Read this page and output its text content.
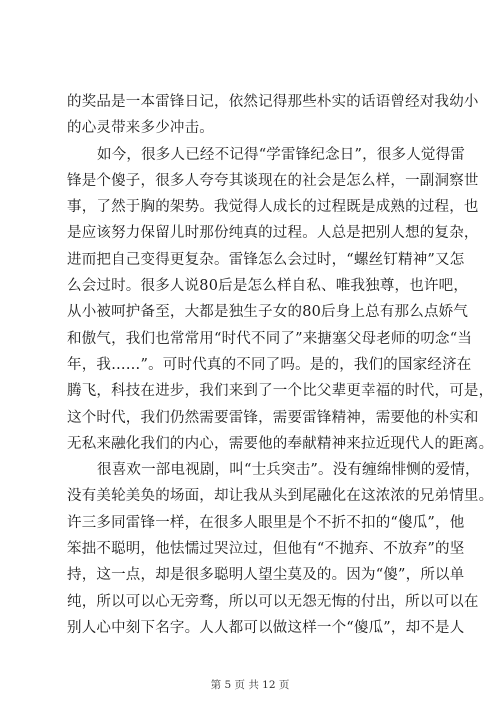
的奖品是一本雷锋日记，依然记得那些朴实的话语曾经对我幼小
的心灵带来多少冲击。
如今，很多人已经不记得“学雷锋纪念日”，很多人觉得雷
锋是个傻子，很多人夸夸其谈现在的社会是怎么样，一副洞察世
事，了然于胸的架势。我觉得人成长的过程既是成熟的过程，也
是应该努力保留儿时那份纯真的过程。人总是把别人想的复杂，
进而把自己变得更复杂。雷锋怎么会过时，“螺丝钉精神”又怎
么会过时。很多人说80后是怎么样自私、唯我独尊，也许吧，
从小被呵护备至，大都是独生子女的80后身上总有那么点娇气
和傲气，我们也常常用“时代不同了”来搪塞父母老师的叨念“当
年，我……”。可时代真的不同了吗。是的，我们的国家经济在
腾飞，科技在进步，我们来到了一个比父辈更幸福的时代，可是，
这个时代，我们仍然需要雷锋，需要雷锋精神，需要他的朴实和
无私来融化我们的内心，需要他的奉献精神来拉近现代人的距离。
很喜欢一部电视剧，叫“士兵突击”。没有缠绵悱恻的爱情，
没有美轮美奂的场面，却让我从头到尾融化在这浓浓的兄弟情里。
许三多同雷锋一样，在很多人眼里是个不折不扣的“傻瓜”，他
笨拙不聪明，他怯懦过哭泣过，但他有“不抛弃、不放弃”的坚
持，这一点，却是很多聪明人望尘莫及的。因为“傻”，所以单
纯，所以可以心无旁骛，所以可以无怨无悔的付出，所以可以在
别人心中刻下名字。人人都可以做这样一个“傻瓜”，却不是人
第 5 页 共 12 页
